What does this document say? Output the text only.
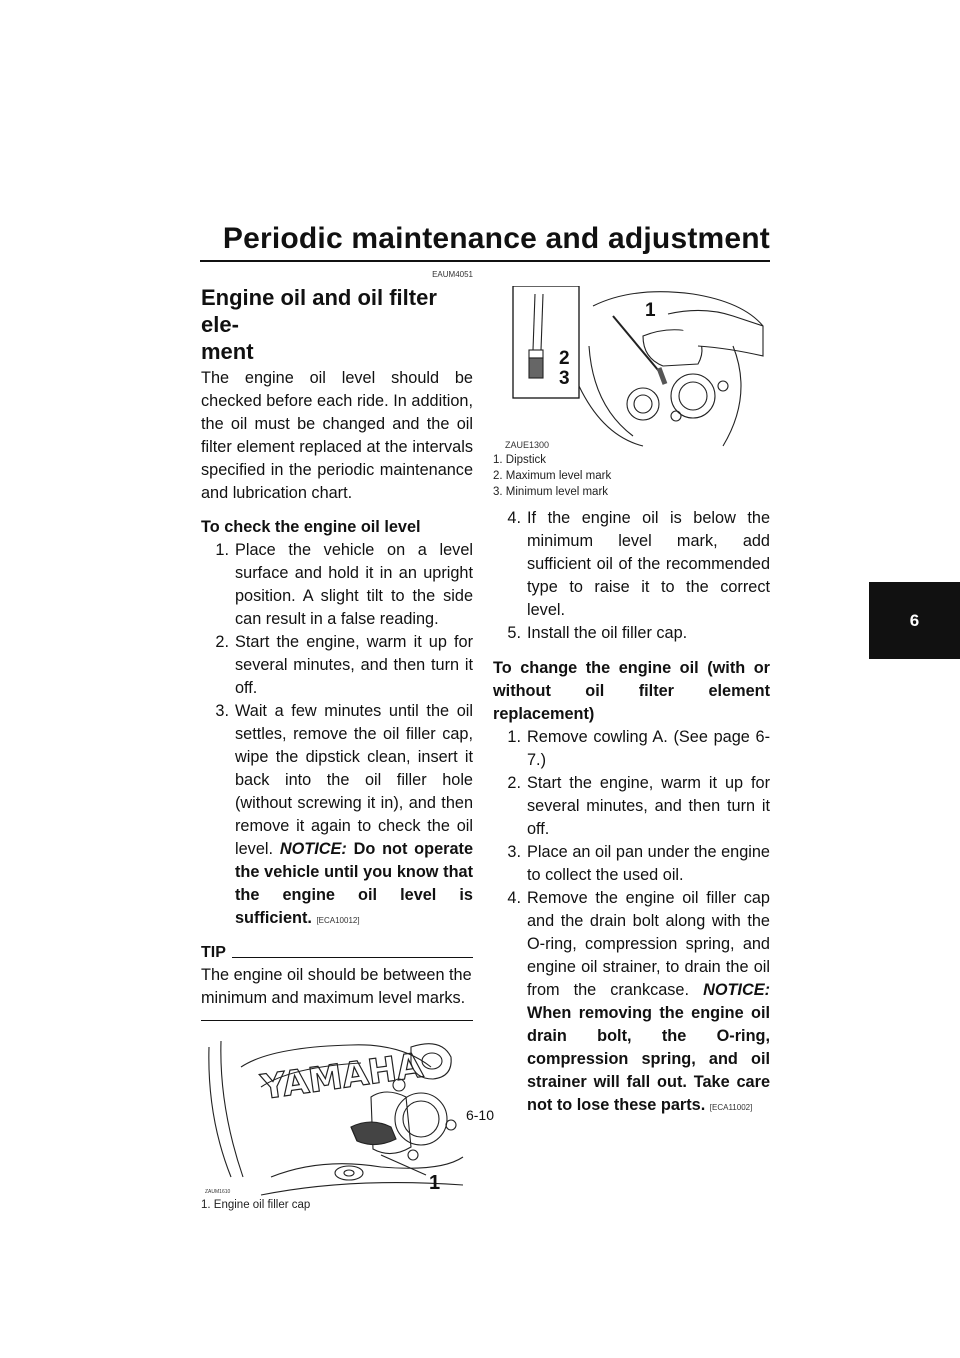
Periodic maintenance and adjustment
6
EAUM4051
Engine oil and oil filter ele-
ment

The engine oil level should be checked before each ride. In addition, the oil must be changed and the oil filter element replaced at the intervals specified in the periodic maintenance and lubrication chart.

To check the engine oil level
1. Place the vehicle on a level surface and hold it in an upright position. A slight tilt to the side can result in a false reading.
2. Start the engine, warm it up for several minutes, and then turn it off.
3. Wait a few minutes until the oil settles, remove the oil filler cap, wipe the dipstick clean, insert it back into the oil filler hole (without screwing it in), and then remove it again to check the oil level. NOTICE: Do not operate the vehicle until you know that the engine oil level is sufficient. [ECA10012]
TIP
The engine oil should be between the minimum and maximum level marks.
YAMAHA
1
ZAUM1610
1. Engine oil filler cap
1
2
3
ZAUE1300
1. Dipstick
2. Maximum level mark
3. Minimum level mark
4. If the engine oil is below the minimum level mark, add sufficient oil of the recommended type to raise it to the correct level.
5. Install the oil filler cap.
To change the engine oil (with or without oil filter element replacement)
1. Remove cowling A. (See page 6-7.)
2. Start the engine, warm it up for several minutes, and then turn it off.
3. Place an oil pan under the engine to collect the used oil.
4. Remove the engine oil filler cap and the drain bolt along with the O-ring, compression spring, and engine oil strainer, to drain the oil from the crankcase. NOTICE: When removing the engine oil drain bolt, the O-ring, compression spring, and oil strainer will fall out. Take care not to lose these parts. [ECA11002]
6-10
